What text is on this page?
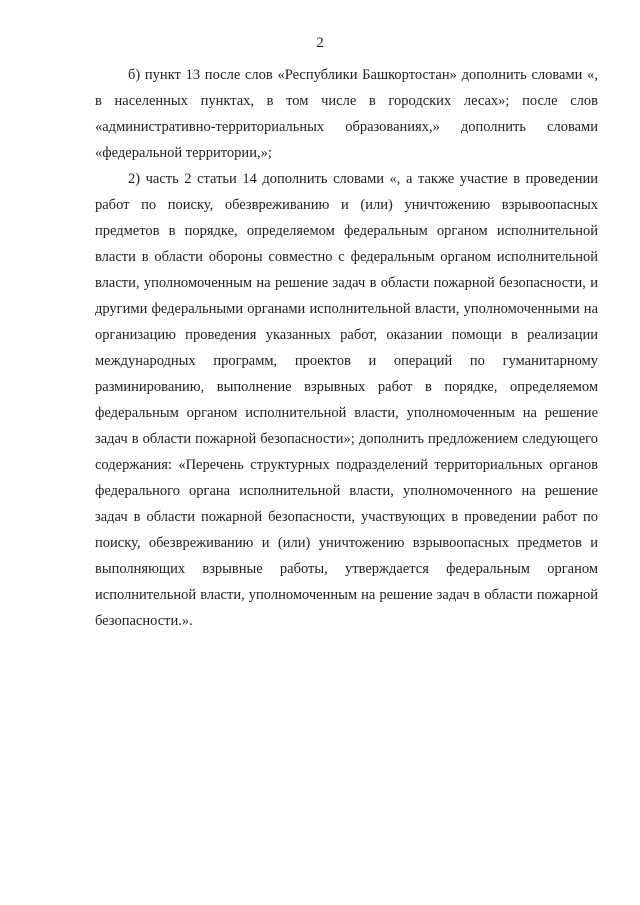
2

б) пункт 13 после слов «Республики Башкортостан» дополнить словами «, в населенных пунктах, в том числе в городских лесах»; после слов «административно-территориальных образованиях,» дополнить словами «федеральной территории,»;

2) часть 2 статьи 14 дополнить словами «, а также участие в проведении работ по поиску, обезвреживанию и (или) уничтожению взрывоопасных предметов в порядке, определяемом федеральным органом исполнительной власти в области обороны совместно с федеральным органом исполнительной власти, уполномоченным на решение задач в области пожарной безопасности, и другими федеральными органами исполнительной власти, уполномоченными на организацию проведения указанных работ, оказании помощи в реализации международных программ, проектов и операций по гуманитарному разминированию, выполнение взрывных работ в порядке, определяемом федеральным органом исполнительной власти, уполномоченным на решение задач в области пожарной безопасности»; дополнить предложением следующего содержания: «Перечень структурных подразделений территориальных органов федерального органа исполнительной власти, уполномоченного на решение задач в области пожарной безопасности, участвующих в проведении работ по поиску, обезвреживанию и (или) уничтожению взрывоопасных предметов и выполняющих взрывные работы, утверждается федеральным органом исполнительной власти, уполномоченным на решение задач в области пожарной безопасности.».
